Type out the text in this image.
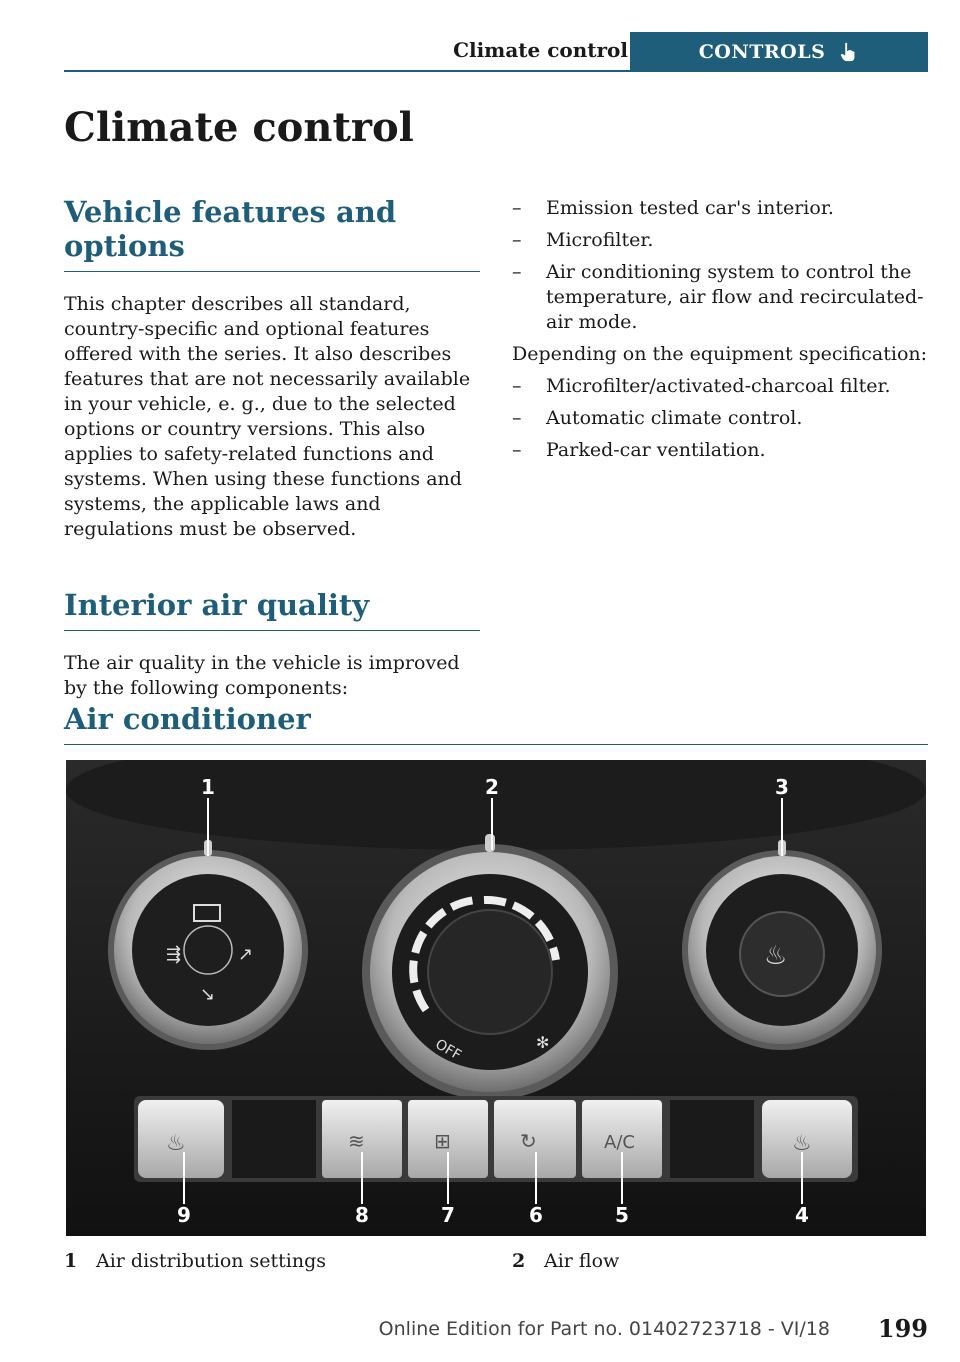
Climate control	CONTROLS
Climate control
Vehicle features and options

This chapter describes all standard, country-specific and optional features offered with the series. It also describes features that are not necessarily available in your vehicle, e. g., due to the selected options or country versions. This also applies to safety-related functions and systems. When using these functions and systems, the applicable laws and regulations must be observed.

Interior air quality

The air quality in the vehicle is improved by the following components:

– Emission tested car's interior.
– Microfilter.
– Air conditioning system to control the temperature, air flow and recirculated-air mode.

Depending on the equipment specification:

– Microfilter/activated-charcoal filter.
– Automatic climate control.
– Parked-car ventilation.
Air conditioner
⇶	↗
↘
OFF	✻
♨
♨	≋	⊞	↻	A/C	♨
1	2	3
9	8	7	6	5	4
1 Air distribution settings	2 Air flow
Online Edition for Part no. 01402723718 - VI/18 199
